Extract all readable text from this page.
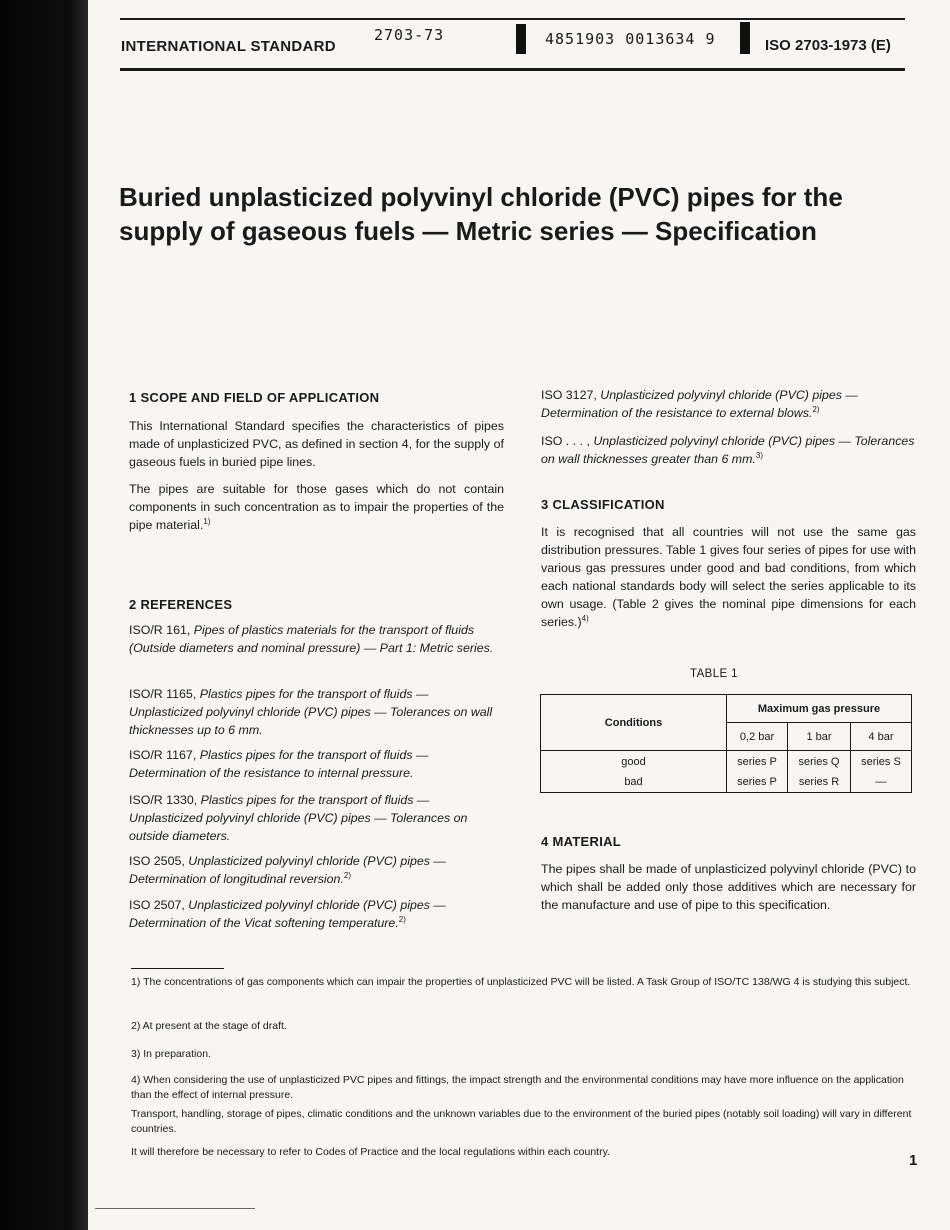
INTERNATIONAL STANDARD
2703-73	4851903 0013634 9	ISO 2703-1973 (E)
Buried unplasticized polyvinyl chloride (PVC) pipes for the
supply of gaseous fuels — Metric series — Specification
1 SCOPE AND FIELD OF APPLICATION

This International Standard specifies the characteristics of pipes made of unplasticized PVC, as defined in section 4, for the supply of gaseous fuels in buried pipe lines.

The pipes are suitable for those gases which do not contain components in such concentration as to impair the properties of the pipe material.$^{1)}$

2 REFERENCES
ISO/R 161, Pipes of plastics materials for the transport of fluids (Outside diameters and nominal pressure) — Part 1: Metric series.
ISO/R 1165, Plastics pipes for the transport of fluids — Unplasticized polyvinyl chloride (PVC) pipes — Tolerances on wall thicknesses up to 6 mm.
ISO/R 1167, Plastics pipes for the transport of fluids — Determination of the resistance to internal pressure.
ISO/R 1330, Plastics pipes for the transport of fluids — Unplasticized polyvinyl chloride (PVC) pipes — Tolerances on outside diameters.
ISO 2505, Unplasticized polyvinyl chloride (PVC) pipes — Determination of longitudinal reversion.$^{2)}$
ISO 2507, Unplasticized polyvinyl chloride (PVC) pipes — Determination of the Vicat softening temperature.$^{2)}$
ISO 3127, Unplasticized polyvinyl chloride (PVC) pipes — Determination of the resistance to external blows.$^{2)}$
ISO . . . , Unplasticized polyvinyl chloride (PVC) pipes — Tolerances on wall thicknesses greater than 6 mm.$^{3)}$
3 CLASSIFICATION

It is recognised that all countries will not use the same gas distribution pressures. Table 1 gives four series of pipes for use with various gas pressures under good and bad conditions, from which each national standards body will select the series applicable to its own usage. (Table 2 gives the nominal pipe dimensions for each series.)$^{4)}$

TABLE 1
Conditions	Maximum gas pressure		
	0,2 bar	1 bar	4 bar
good	series P	series Q	series S
bad	series P	series R	—
4 MATERIAL

The pipes shall be made of unplasticized polyvinyl chloride (PVC) to which shall be added only those additives which are necessary for the manufacture and use of pipe to this specification.

1) The concentrations of gas components which can impair the properties of unplasticized PVC will be listed. A Task Group of ISO/TC 138/WG 4 is studying this subject.
2) At present at the stage of draft.
3) In preparation.
4) When considering the use of unplasticized PVC pipes and fittings, the impact strength and the environmental conditions may have more influence on the application than the effect of internal pressure.
Transport, handling, storage of pipes, climatic conditions and the unknown variables due to the environment of the buried pipes (notably soil loading) will vary in different countries.
It will therefore be necessary to refer to Codes of Practice and the local regulations within each country.	1
